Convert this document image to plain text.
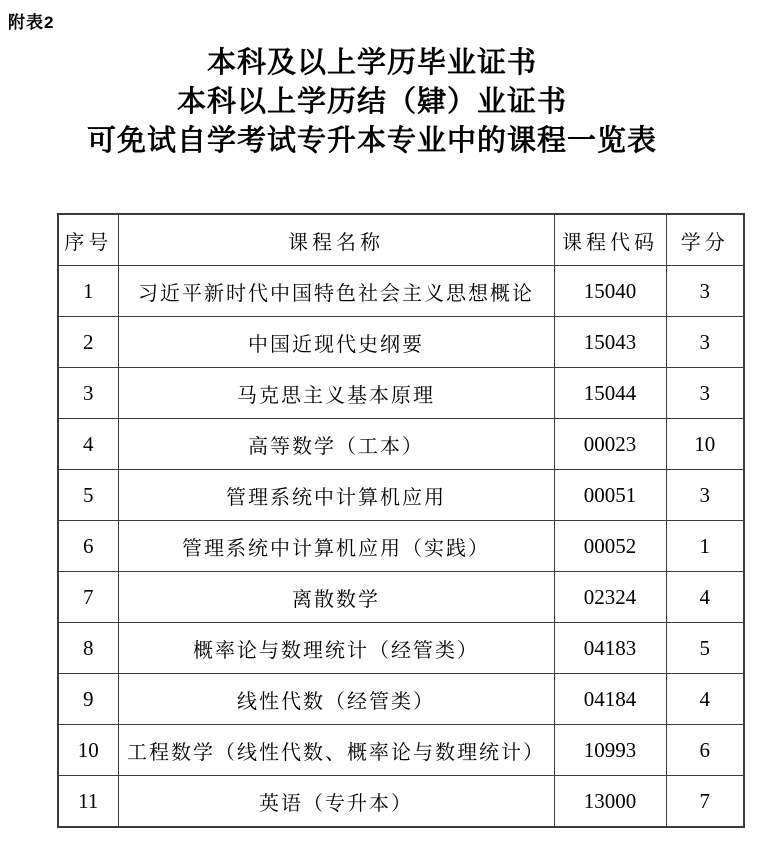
附表2
本科及以上学历毕业证书
本科以上学历结（肄）业证书
可免试自学考试专升本专业中的课程一览表
序号	课程名称	课程代码	学分
1	习近平新时代中国特色社会主义思想概论	15040	3
2	中国近现代史纲要	15043	3
3	马克思主义基本原理	15044	3
4	高等数学（工本）	00023	10
5	管理系统中计算机应用	00051	3
6	管理系统中计算机应用（实践）	00052	1
7	离散数学	02324	4
8	概率论与数理统计（经管类）	04183	5
9	线性代数（经管类）	04184	4
10	工程数学（线性代数、概率论与数理统计）	10993	6
11	英语（专升本）	13000	7
